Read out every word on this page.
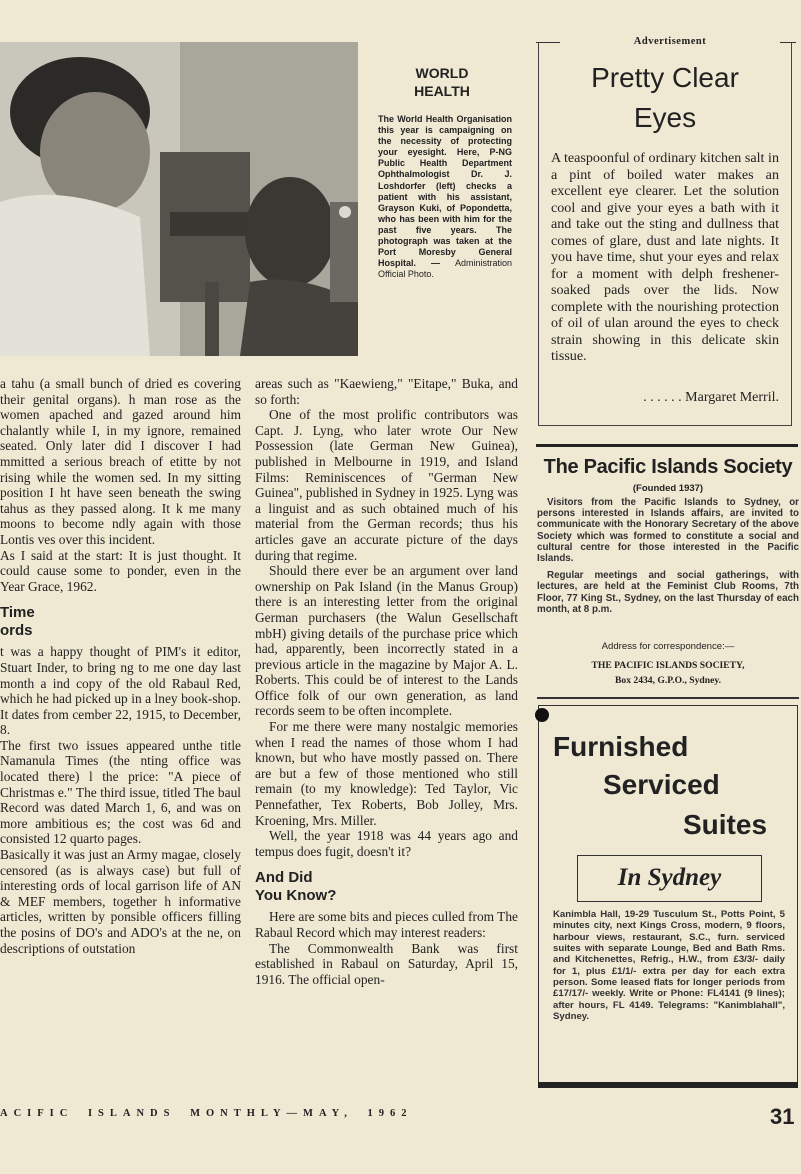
WORLD
HEALTH
The World Health Organisation this year is campaigning on the necessity of protecting your eyesight. Here, P-NG Public Health Department Ophthalmologist Dr. J. Loshdorfer (left) checks a patient with his assistant, Grayson Kuki, of Popondetta, who has been with him for the past five years. The photograph was taken at the Port Moresby General Hospital. — Administration Official Photo.

a tahu (a small bunch of dried es covering their genital organs). h man rose as the women apached and gazed around him chalantly while I, in my ignore, remained seated. Only later did I discover I had mmitted a serious breach of etitte by not rising while the women sed. In my sitting position I ht have seen beneath the swing tahus as they passed along. It k me many moons to become ndly again with those Lontis ves over this incident.

As I said at the start: It is just thought. It could cause some to ponder, even in the Year Grace, 1962.

Time
ords

t was a happy thought of PIM's it editor, Stuart Inder, to bring ng to me one day last month a ind copy of the old Rabaul Red, which he had picked up in a lney book-shop. It dates from cember 22, 1915, to December, 8.

The first two issues appeared unthe title Namanula Times (the nting office was located there) l the price: "A piece of Christmas e." The third issue, titled The baul Record was dated March 1, 6, and was on more ambitious es; the cost was 6d and consisted 12 quarto pages.

Basically it was just an Army magae, closely censored (as is always case) but full of interesting ords of local garrison life of AN & MEF members, together h informative articles, written by ponsible officers filling the posins of DO's and ADO's at the ne, on descriptions of outstation

areas such as "Kaewieng," "Eitape," Buka, and so forth:

One of the most prolific contributors was Capt. J. Lyng, who later wrote Our New Possession (late German New Guinea), published in Melbourne in 1919, and Island Films: Reminiscences of "German New Guinea", published in Sydney in 1925. Lyng was a linguist and as such obtained much of his material from the German records; thus his articles gave an accurate picture of the days during that regime.

Should there ever be an argument over land ownership on Pak Island (in the Manus Group) there is an interesting letter from the original German purchasers (the Walun Gesellschaft mbH) giving details of the purchase price which had, apparently, been incorrectly stated in a previous article in the magazine by Major A. L. Roberts. This could be of interest to the Lands Office folk of our own generation, as land records seem to be often incomplete.

For me there were many nostalgic memories when I read the names of those whom I had known, but who have mostly passed on. There are but a few of those mentioned who still remain (to my knowledge): Ted Taylor, Vic Pennefather, Tex Roberts, Bob Jolley, Mrs. Kroening, Mrs. Miller.

Well, the year 1918 was 44 years ago and tempus does fugit, doesn't it?

And Did
You Know?

Here are some bits and pieces culled from The Rabaul Record which may interest readers:

The Commonwealth Bank was first established in Rabaul on Saturday, April 15, 1916. The official open-

Advertisement
Pretty Clear
Eyes
A teaspoonful of ordinary kitchen salt in a pint of boiled water makes an excellent eye clearer. Let the solution cool and give your eyes a bath with it and take out the sting and dullness that comes of glare, dust and late nights. It you have time, shut your eyes and relax for a moment with delph freshener-soaked pads over the lids. Now complete with the nourishing protection of oil of ulan around the eyes to check strain showing in this delicate skin tissue.
. . . . . . Margaret Merril.
The Pacific Islands Society
(Founded 1937)

Visitors from the Pacific Islands to Sydney, or persons interested in Islands affairs, are invited to communicate with the Honorary Secretary of the above Society which was formed to constitute a social and cultural centre for those interested in the Pacific Islands.

Regular meetings and social gatherings, with lectures, are held at the Feminist Club Rooms, 7th Floor, 77 King St., Sydney, on the last Thursday of each month, at 8 p.m.

Address for correspondence:—
THE PACIFIC ISLANDS SOCIETY,
Box 2434, G.P.O., Sydney.
Furnished
Serviced
Suites
In Sydney
Kanimbla Hall, 19-29 Tusculum St., Potts Point, 5 minutes city, next Kings Cross, modern, 9 floors, harbour views, restaurant, S.C., furn. serviced suites with separate Lounge, Bed and Bath Rms. and Kitchenettes, Refrig., H.W., from £3/3/- daily for 1, plus £1/1/- extra per day for each extra person. Some leased flats for longer periods from £17/17/- weekly. Write or Phone: FL4141 (9 lines); after hours, FL 4149. Telegrams: "Kanimblahall", Sydney.
ACIFIC ISLANDS MONTHLY—MAY, 1962	31
